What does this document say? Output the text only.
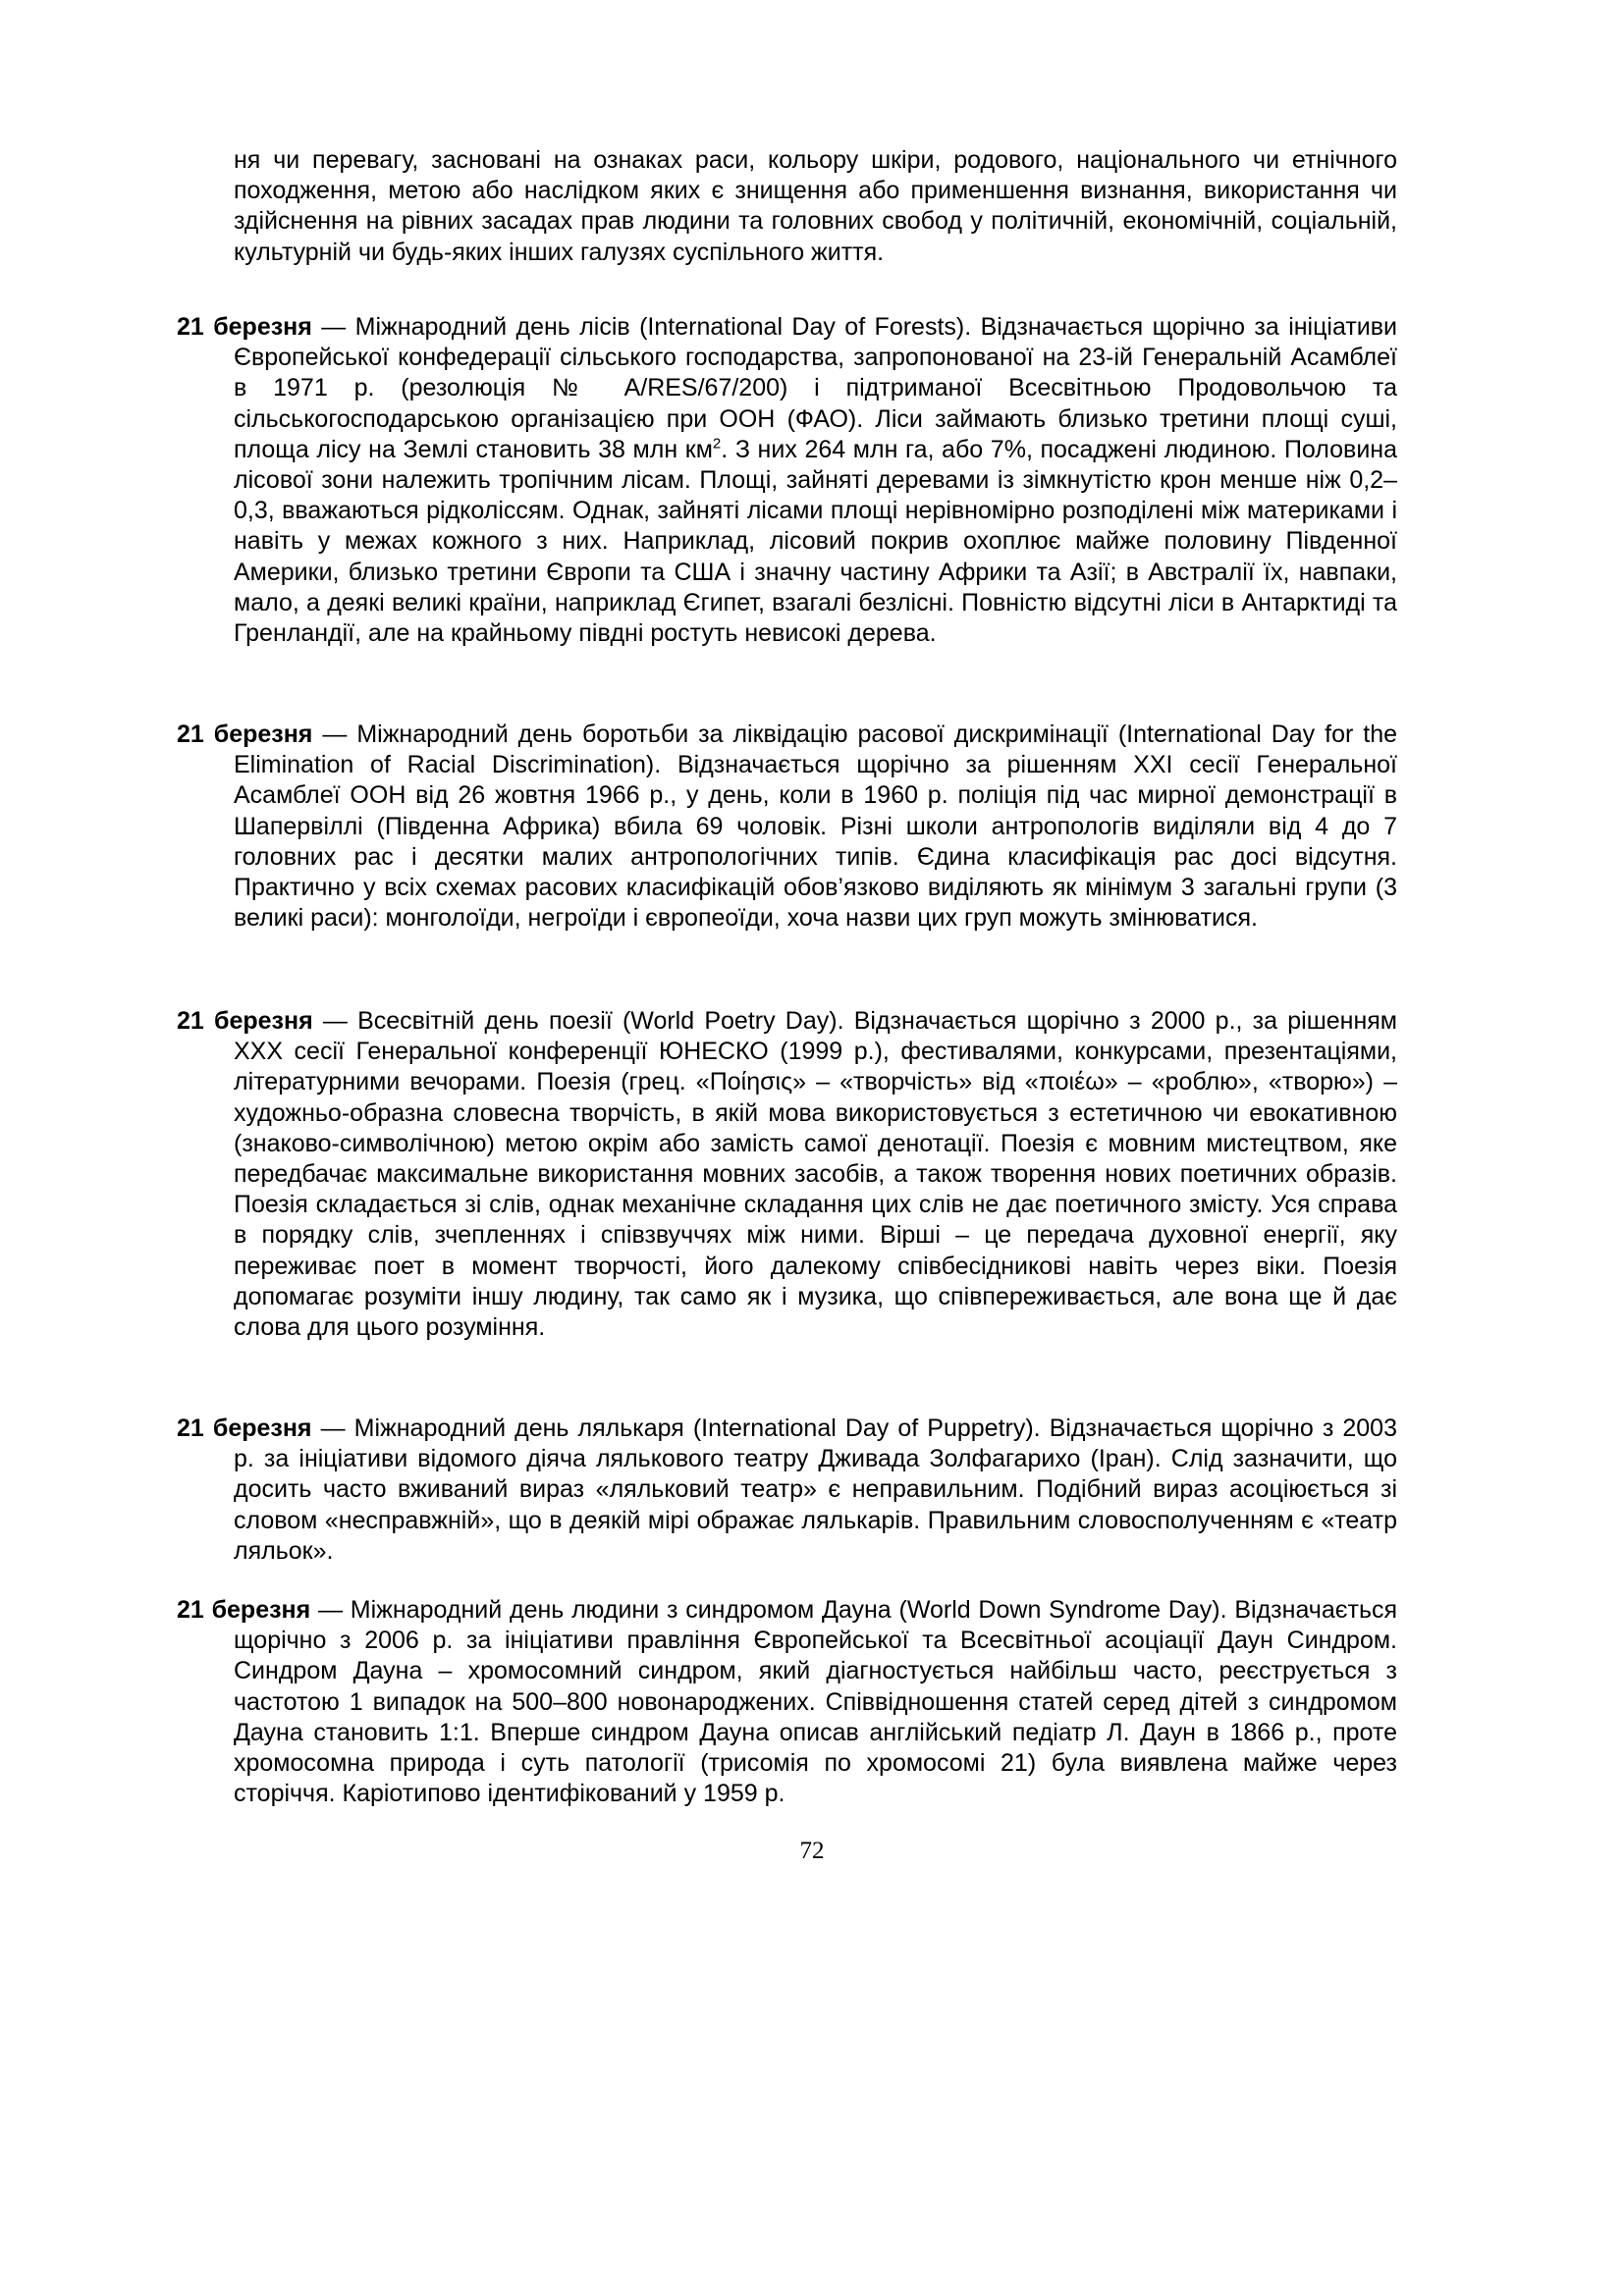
ня чи перевагу, засновані на ознаках раси, кольору шкіри, родового, національного чи етнічного походження, метою або наслідком яких є знищення або применшення визнання, використання чи здійснення на рівних засадах прав людини та головних свобод у політичній, економічній, соціальній, культурній чи будь-яких інших галузях суспільного життя.

21 березня — Міжнародний день лісів (International Day of Forests). Відзначається щорічно за ініціативи Європейської конфедерації сільського господарства, запропонованої на 23-ій Генеральній Асамблеї в 1971 р. (резолюція № A/RES/67/200) і підтриманої Всесвітньою Продовольчою та сільськогосподарською організацією при ООН (ФАО). Ліси займають близько третини площі суші, площа лісу на Землі становить 38 млн $км^2$. З них 264 млн га, або 7%, посаджені людиною. Половина лісової зони належить тропічним лісам. Площі, зайняті деревами із зімкнутістю крон менше ніж 0,2–0,3, вважаються рідколіссям. Однак, зайняті лісами площі нерівномірно розподілені між материками і навіть у межах кожного з них. Наприклад, лісовий покрив охоплює майже половину Південної Америки, близько третини Європи та США і значну частину Африки та Азії; в Австралії їх, навпаки, мало, а деякі великі країни, наприклад Єгипет, взагалі безлісні. Повністю відсутні ліси в Антарктиді та Гренландії, але на крайньому півдні ростуть невисокі дерева.

21 березня — Міжнародний день боротьби за ліквідацію расової дискримінації (International Day for the Elimination of Racial Discrimination). Відзначається щорічно за рішенням XXI сесії Генеральної Асамблеї ООН від 26 жовтня 1966 р., у день, коли в 1960 р. поліція під час мирної демонстрації в Шапервіллі (Південна Африка) вбила 69 чоловік. Різні школи антропологів виділяли від 4 до 7 головних рас і десятки малих антропологічних типів. Єдина класифікація рас досі відсутня. Практично у всіх схемах расових класифікацій обов’язково виділяють як мінімум 3 загальні групи (3 великі раси): монголоїди, негроїди і європеоїди, хоча назви цих груп можуть змінюватися.

21 березня — Всесвітній день поезії (World Poetry Day). Відзначається щорічно з 2000 р., за рішенням XXX сесії Генеральної конференції ЮНЕСКО (1999 р.), фестивалями, конкурсами, презентаціями, літературними вечорами. Поезія (грец. «Ποίησις» – «творчість» від «ποιέω» – «роблю», «творю») – художньо-образна словесна творчість, в якій мова використовується з естетичною чи евокативною (знаково-символічною) метою окрім або замість самої денотації. Поезія є мовним мистецтвом, яке передбачає максимальне використання мовних засобів, а також творення нових поетичних образів. Поезія складається зі слів, однак механічне складання цих слів не дає поетичного змісту. Уся справа в порядку слів, зчепленнях і співзвуччях між ними. Вірші – це передача духовної енергії, яку переживає поет в момент творчості, його далекому співбесідникові навіть через віки. Поезія допомагає розуміти іншу людину, так само як і музика, що співпереживається, але вона ще й дає слова для цього розуміння.

21 березня — Міжнародний день лялькаря (International Day of Puppetry). Відзначається щорічно з 2003 р. за ініціативи відомого діяча лялькового театру Дживада Золфагарихо (Іран). Слід зазначити, що досить часто вживаний вираз «ляльковий театр» є неправильним. Подібний вираз асоціюється зі словом «несправжній», що в деякій мірі ображає лялькарів. Правильним словосполученням є «театр ляльок».

21 березня — Міжнародний день людини з синдромом Дауна (World Down Syndrome Day). Відзначається щорічно з 2006 р. за ініціативи правління Європейської та Всесвітньої асоціації Даун Синдром. Синдром Дауна – хромосомний синдром, який діагностується найбільш часто, реєструється з частотою 1 випадок на 500–800 новонароджених. Співвідношення статей серед дітей з синдромом Дауна становить 1:1. Вперше синдром Дауна описав англійський педіатр Л. Даун в 1866 р., проте хромосомна природа і суть патології (трисомія по хромосомі 21) була виявлена майже через сторіччя. Каріотипово ідентифікований у 1959 р.

72
